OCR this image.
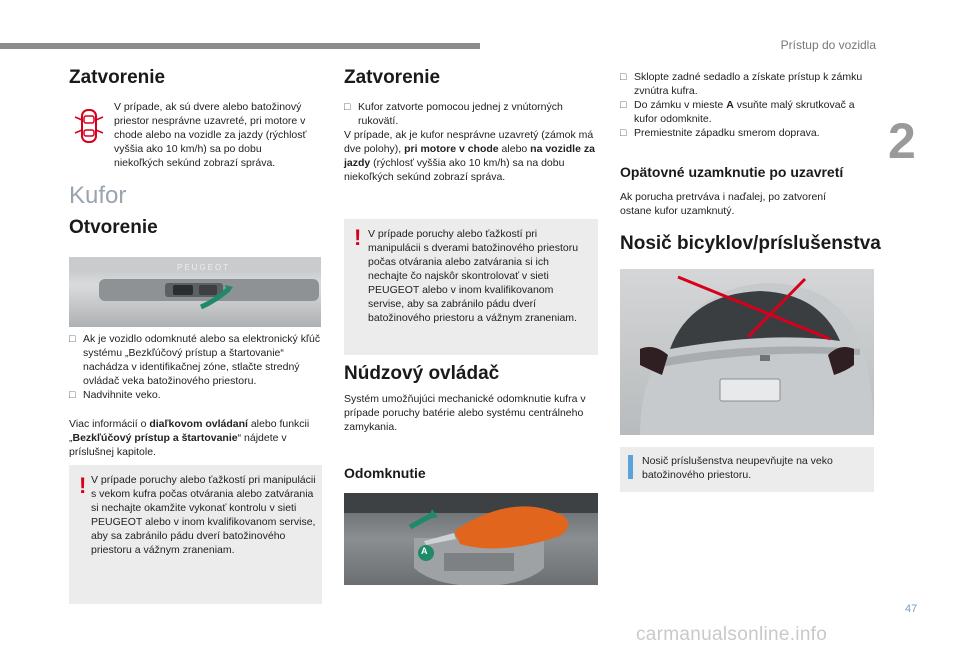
Prístup do vozidla
2
Zatvorenie
V prípade, ak sú dvere alebo batožinový priestor nesprávne uzavreté, pri motore v chode alebo na vozidle za jazdy (rýchlosť vyššia ako 10 km/h) sa po dobu niekoľkých sekúnd zobrazí správa.
Kufor
Otvorenie
PEUGEOT

□ Ak je vozidlo odomknuté alebo sa elektronický kľúč systému „Bezkľúčový prístup a štartovanie“ nachádza v identifikačnej zóne, stlačte stredný ovládač veka batožinového priestoru.

□ Nadvihnite veko.

Viac informácií o diaľkovom ovládaní alebo funkcii „Bezkľúčový prístup a štartovanie“ nájdete v príslušnej kapitole.
! V prípade poruchy alebo ťažkostí pri manipulácii s vekom kufra počas otvárania alebo zatvárania si nechajte okamžite vykonať kontrolu v sieti PEUGEOT alebo v inom kvalifikovanom servise, aby sa zabránilo pádu dverí batožinového priestoru a vážnym zraneniam.
Zatvorenie

□ Kufor zatvorte pomocou jednej z vnútorných rukovätí.

V prípade, ak je kufor nesprávne uzavretý (zámok má dve polohy), pri motore v chode alebo na vozidle za jazdy (rýchlosť vyššia ako 10 km/h) sa na dobu niekoľkých sekúnd zobrazí správa.
! V prípade poruchy alebo ťažkostí pri manipulácii s dverami batožinového priestoru počas otvárania alebo zatvárania si ich nechajte čo najskôr skontrolovať v sieti PEUGEOT alebo v inom kvalifikovanom servise, aby sa zabránilo pádu dverí batožinového priestoru a vážnym zraneniam.
Núdzový ovládač
Systém umožňujúci mechanické odomknutie kufra v prípade poruchy batérie alebo systému centrálneho zamykania.
Odomknutie
A

□ Sklopte zadné sedadlo a získate prístup k zámku zvnútra kufra.

□ Do zámku v mieste A vsuňte malý skrutkovač a kufor odomknite.

□ Premiestnite západku smerom doprava.

Opätovné uzamknutie po uzavretí
Ak porucha pretrváva i naďalej, po zatvorení ostane kufor uzamknutý.
Nosič bicyklov/príslušenstva
Nosič príslušenstva neupevňujte na veko batožinového priestoru.
47
carmanualsonline.info
